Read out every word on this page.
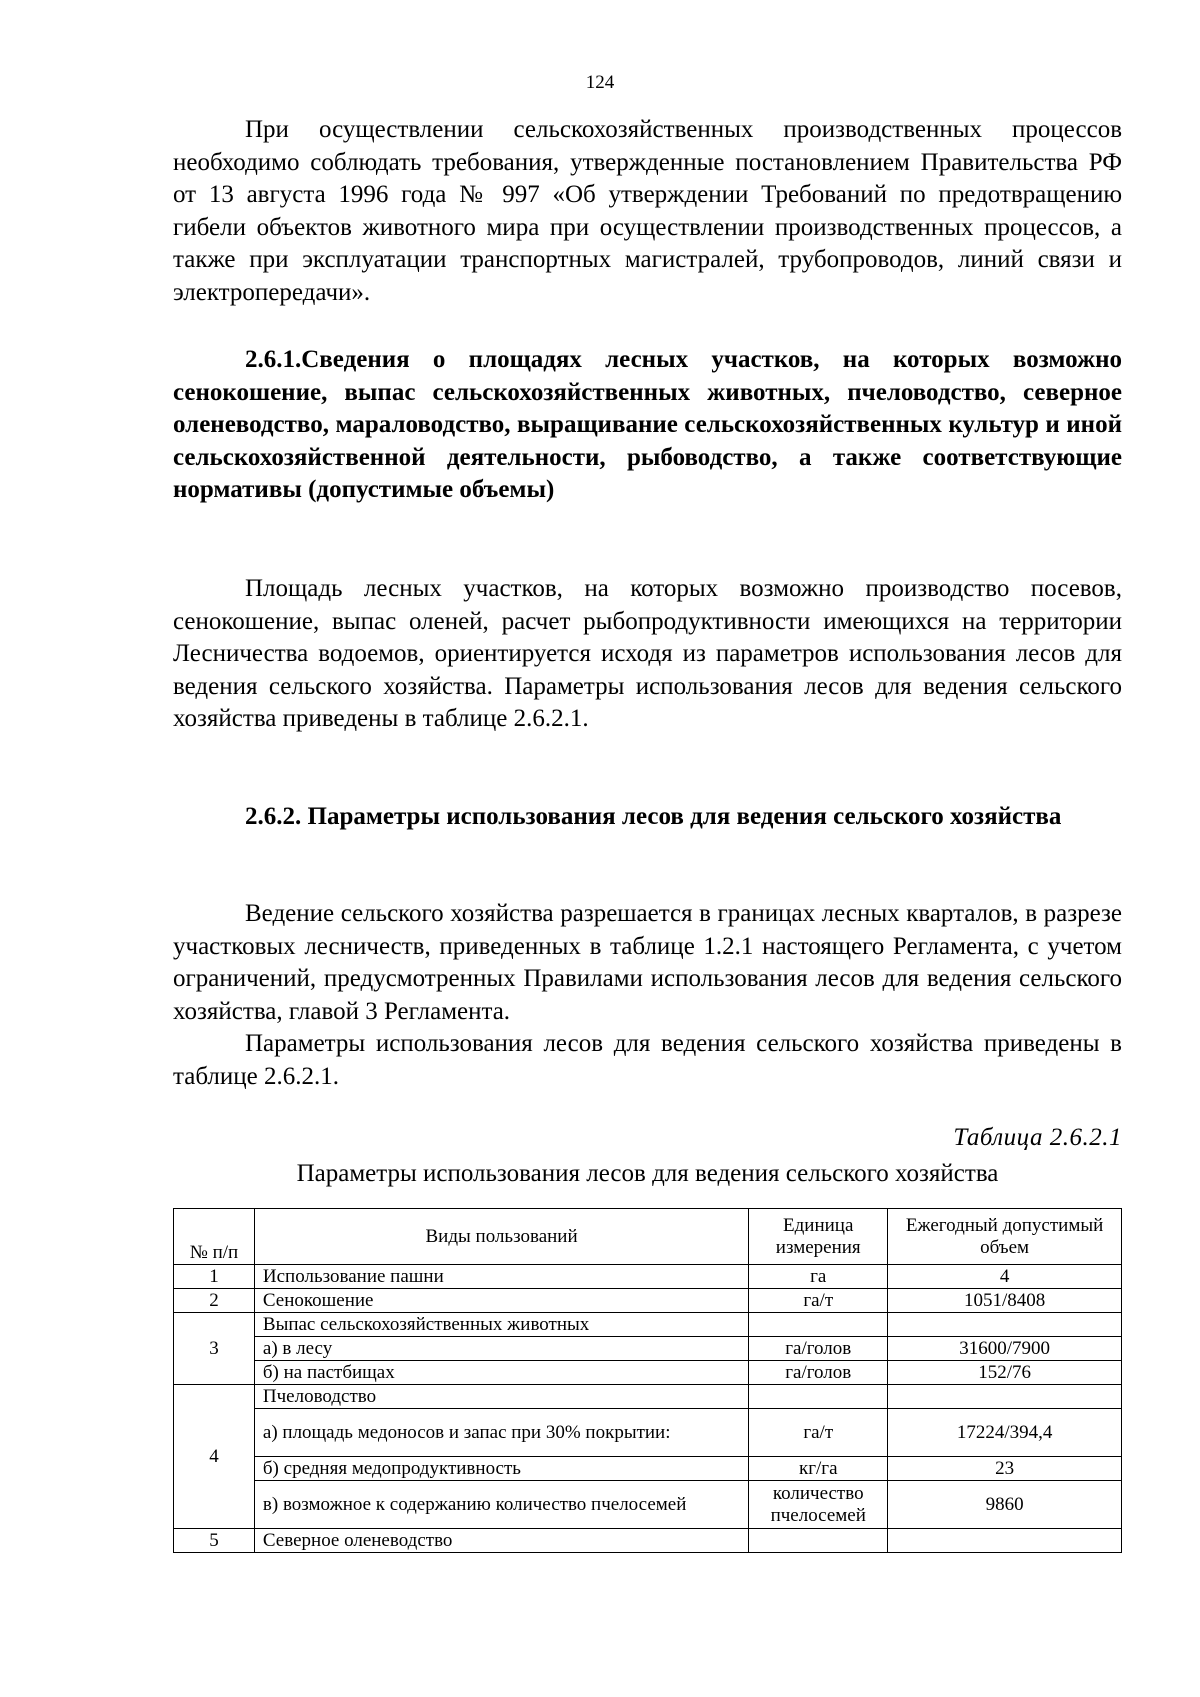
124

При осуществлении сельскохозяйственных производственных процессов необходимо соблюдать требования, утвержденные постановлением Правительства РФ от 13 августа 1996 года № 997 «Об утверждении Требований по предотвращению гибели объектов животного мира при осуществлении производственных процессов, а также при эксплуатации транспортных магистралей, трубопроводов, линий связи и электропередачи».

2.6.1.Сведения о площадях лесных участков, на которых возможно сенокошение, выпас сельскохозяйственных животных, пчеловодство, северное оленеводство, мараловодство, выращивание сельскохозяйственных культур и иной сельскохозяйственной деятельности, рыбоводство, а также соответствующие нормативы (допустимые объемы)

Площадь лесных участков, на которых возможно производство посевов, сенокошение, выпас оленей, расчет рыбопродуктивности имеющихся на территории Лесничества водоемов, ориентируется исходя из параметров использования лесов для ведения сельского хозяйства. Параметры использования лесов для ведения сельского хозяйства приведены в таблице 2.6.2.1.

2.6.2. Параметры использования лесов для ведения сельского хозяйства

Ведение сельского хозяйства разрешается в границах лесных кварталов, в разрезе участковых лесничеств, приведенных в таблице 1.2.1 настоящего Регламента, с учетом ограничений, предусмотренных Правилами использования лесов для ведения сельского хозяйства, главой 3 Регламента.

Параметры использования лесов для ведения сельского хозяйства приведены в таблице 2.6.2.1.

Таблица 2.6.2.1
Параметры использования лесов для ведения сельского хозяйства
№ п/п	Виды пользований	Единица измерения	Ежегодный допустимый объем
1	Использование пашни	га	4
2	Сенокошение	га/т	1051/8408
3	Выпас сельскохозяйственных животных		
	а) в лесу	га/голов	31600/7900
	б) на пастбищах	га/голов	152/76
4	Пчеловодство		
	а) площадь медоносов и запас при 30% покрытии:	га/т	17224/394,4
	б) средняя медопродуктивность	кг/га	23
	в) возможное к содержанию количество пчелосемей	количество пчелосемей	9860
5	Северное оленеводство		
